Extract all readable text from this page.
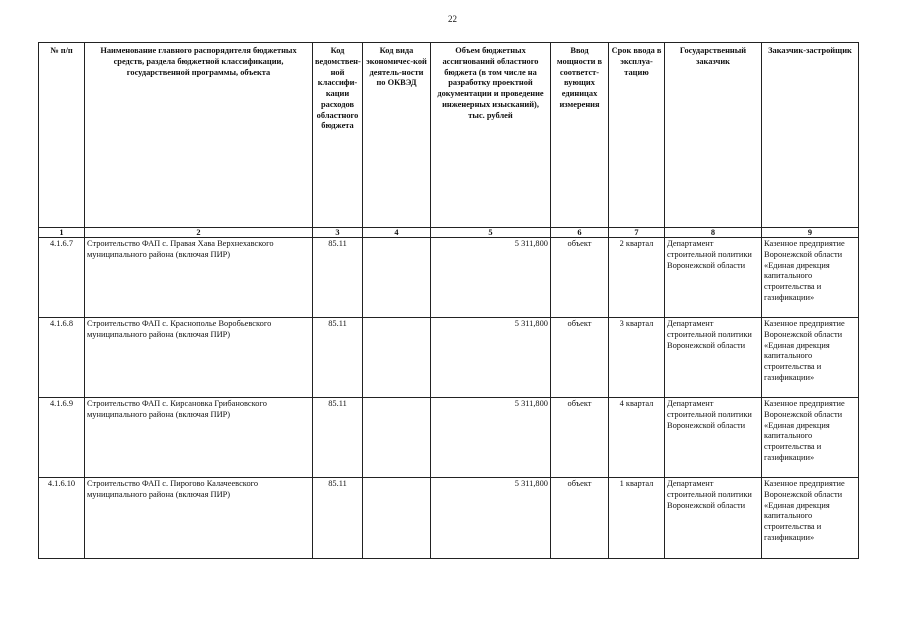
22
№ п/п	Наименование главного распорядителя бюджетных средств, раздела бюджетной классификации, государственной программы, объекта	Код ведомствен-ной классифи-кации расходов областного бюджета	Код вида экономичес-кой деятель-ности по ОКВЭД	Объем бюджетных ассигнований областного бюджета (в том числе на разработку проектной документации и проведение инженерных изысканий), тыс. рублей	Ввод мощности в соответст-вующих единицах измерения	Срок ввода в эксплуа-тацию	Государственный заказчик	Заказчик-застройщик
1	2	3	4	5	6	7	8	9
4.1.6.7	Строительство ФАП с. Правая Хава Верхнехавского муниципального района (включая ПИР)	85.11		5 311,800	объект	2 квартал	Департамент строительной политики Воронежской области	Казенное предприятие Воронежской области «Единая дирекция капитального строительства и газификации»
4.1.6.8	Строительство ФАП с. Краснополье Воробьевского муниципального района (включая ПИР)	85.11		5 311,800	объект	3 квартал	Департамент строительной политики Воронежской области	Казенное предприятие Воронежской области «Единая дирекция капитального строительства и газификации»
4.1.6.9	Строительство ФАП с. Кирсановка Грибановского муниципального района (включая ПИР)	85.11		5 311,800	объект	4 квартал	Департамент строительной политики Воронежской области	Казенное предприятие Воронежской области «Единая дирекция капитального строительства и газификации»
4.1.6.10	Строительство ФАП с. Пирогово Калачеевского муниципального района (включая ПИР)	85.11		5 311,800	объект	1 квартал	Департамент строительной политики Воронежской области	Казенное предприятие Воронежской области «Единая дирекция капитального строительства и газификации»
